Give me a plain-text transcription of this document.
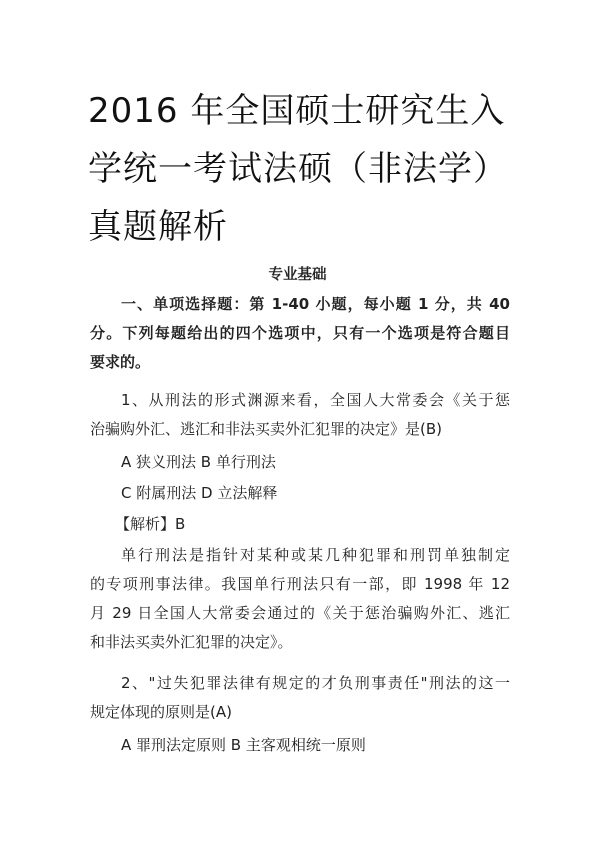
2016 年全国硕士研究生入
学统一考试法硕（非法学）
真题解析
专业基础

一、单项选择题：第 1-40 小题，每小题 1 分，共 40
分。下列每题给出的四个选项中，只有一个选项是符合题目
要求的。

1、从刑法的形式渊源来看，全国人大常委会《关于惩
治骗购外汇、逃汇和非法买卖外汇犯罪的决定》是(B)

A 狭义刑法 B 单行刑法

C 附属刑法 D 立法解释

【解析】B

单行刑法是指针对某种或某几种犯罪和刑罚单独制定
的专项刑事法律。我国单行刑法只有一部，即 1998 年 12
月 29 日全国人大常委会通过的《关于惩治骗购外汇、逃汇
和非法买卖外汇犯罪的决定》。

2、"过失犯罪法律有规定的才负刑事责任"刑法的这一
规定体现的原则是(A)

A 罪刑法定原则 B 主客观相统一原则
